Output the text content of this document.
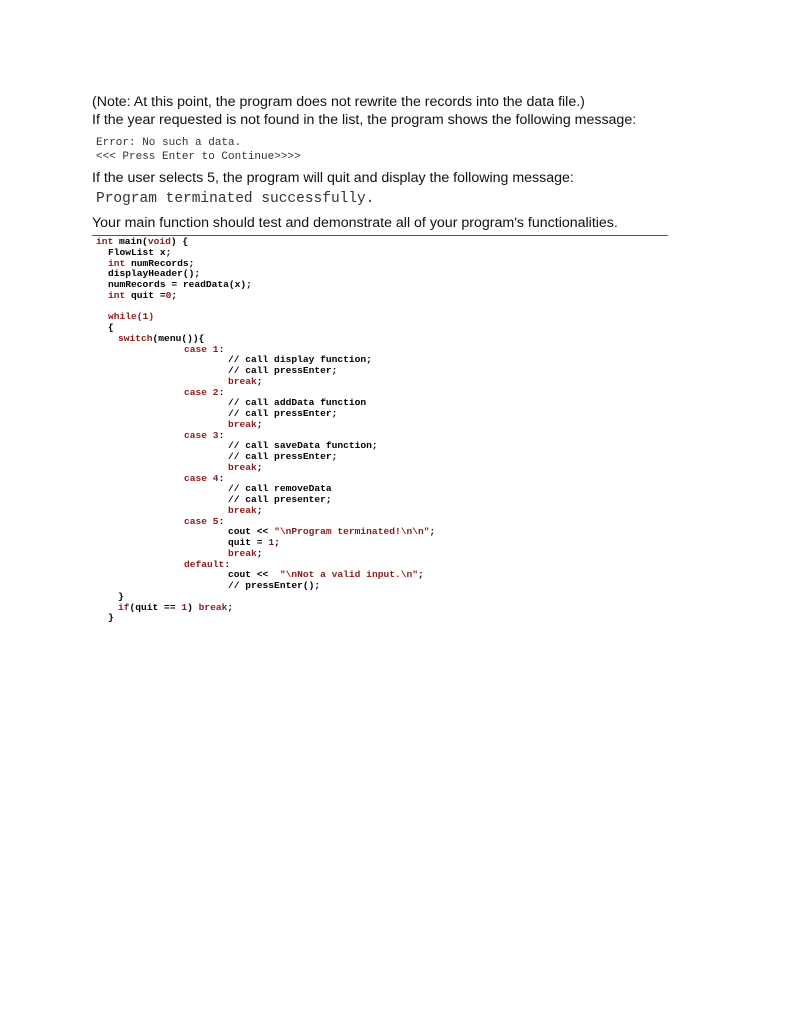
(Note: At this point, the program does not rewrite the records into the data file.)
If the year requested is not found in the list, the program shows the following message:
Error: No such a data.
<<< Press Enter to Continue>>>>
If the user selects 5, the program will quit and display the following message:
Program terminated successfully.
Your main function should test and demonstrate all of your program's functionalities.
int main(void) {
FlowList x;
int numRecords;
displayHeader();
numRecords = readData(x);
int quit =0;
while(1)
{
switch(menu()){
case 1:
// call display function;
// call pressEnter;
break;
case 2:
// call addData function
// call pressEnter;
break;
case 3:
// call saveData function;
// call pressEnter;
break;
case 4:
// call removeData
// call presenter;
break;
case 5:
cout << "\nProgram terminated!\n\n";
quit = 1;
break;
default:
cout <<  "\nNot a valid input.\n";
// pressEnter();
}
if(quit == 1) break;
}
